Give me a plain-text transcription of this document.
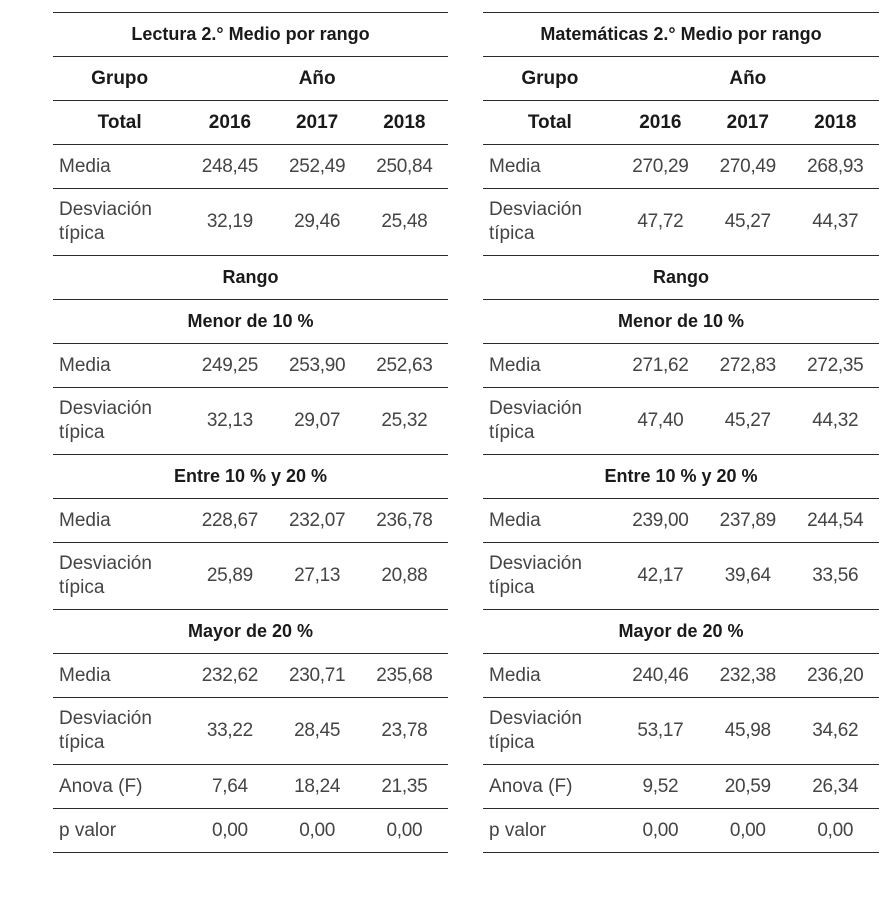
Lectura 2.° Medio por rango			
Grupo	Año		
Total	2016	2017	2018
Media	248,45	252,49	250,84
Desviación
típica	32,19	29,46	25,48
Rango			
Menor de 10 %			
Media	249,25	253,90	252,63
Desviación
típica	32,13	29,07	25,32
Entre 10 % y 20 %			
Media	228,67	232,07	236,78
Desviación
típica	25,89	27,13	20,88
Mayor de 20 %			
Media	232,62	230,71	235,68
Desviación
típica	33,22	28,45	23,78
Anova (F)	7,64	18,24	21,35
p valor	0,00	0,00	0,00
Matemáticas 2.° Medio por rango			
Grupo	Año		
Total	2016	2017	2018
Media	270,29	270,49	268,93
Desviación
típica	47,72	45,27	44,37
Rango			
Menor de 10 %			
Media	271,62	272,83	272,35
Desviación
típica	47,40	45,27	44,32
Entre 10 % y 20 %			
Media	239,00	237,89	244,54
Desviación
típica	42,17	39,64	33,56
Mayor de 20 %			
Media	240,46	232,38	236,20
Desviación
típica	53,17	45,98	34,62
Anova (F)	9,52	20,59	26,34
p valor	0,00	0,00	0,00
